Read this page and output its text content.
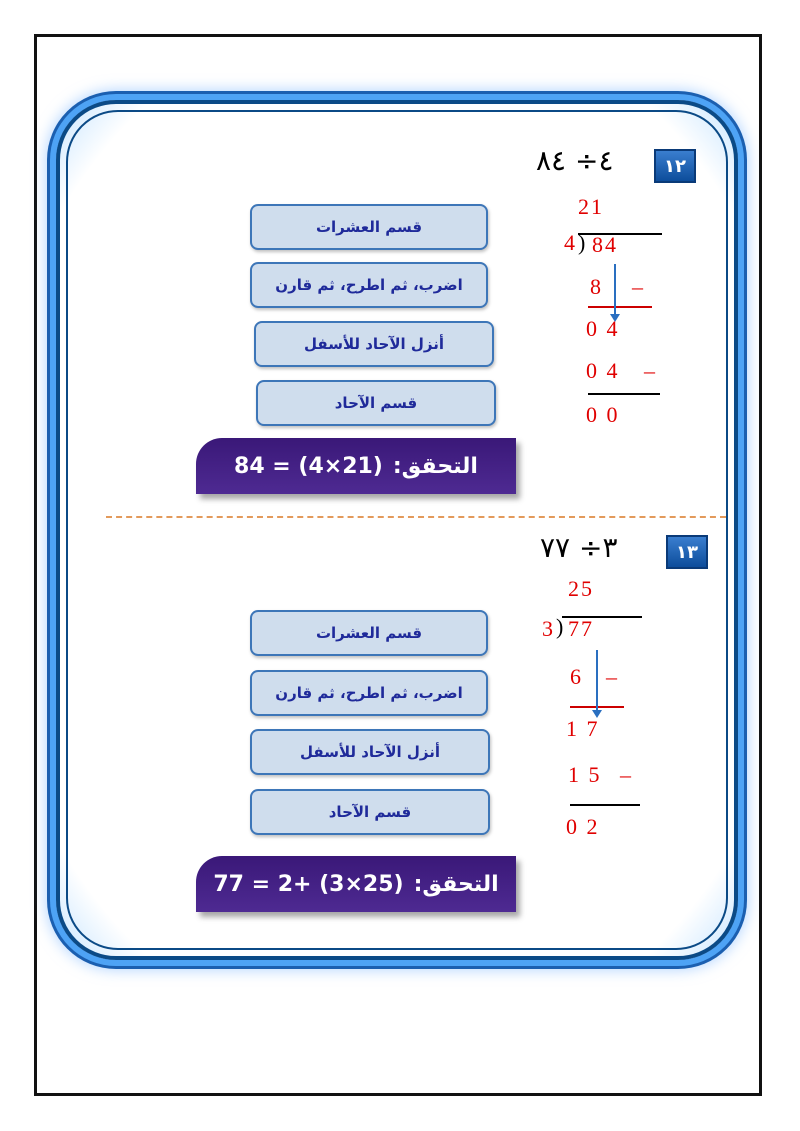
١٢
٤÷ ٨٤
قسم العشرات
اضرب، ثم اطرح، ثم قارن
أنزل الآحاد للأسفل
قسم الآحاد
التحقق:
84 = (4×21)
21
4 ) 84
8 –
0 4
0 4 –
0 0
١٣
٣÷ ٧٧
قسم العشرات
اضرب، ثم اطرح، ثم قارن
أنزل الآحاد للأسفل
قسم الآحاد
التحقق:
77 = 2+ (3×25)
25
3 ) 77
6 –
1 7
1 5 –
0 2
